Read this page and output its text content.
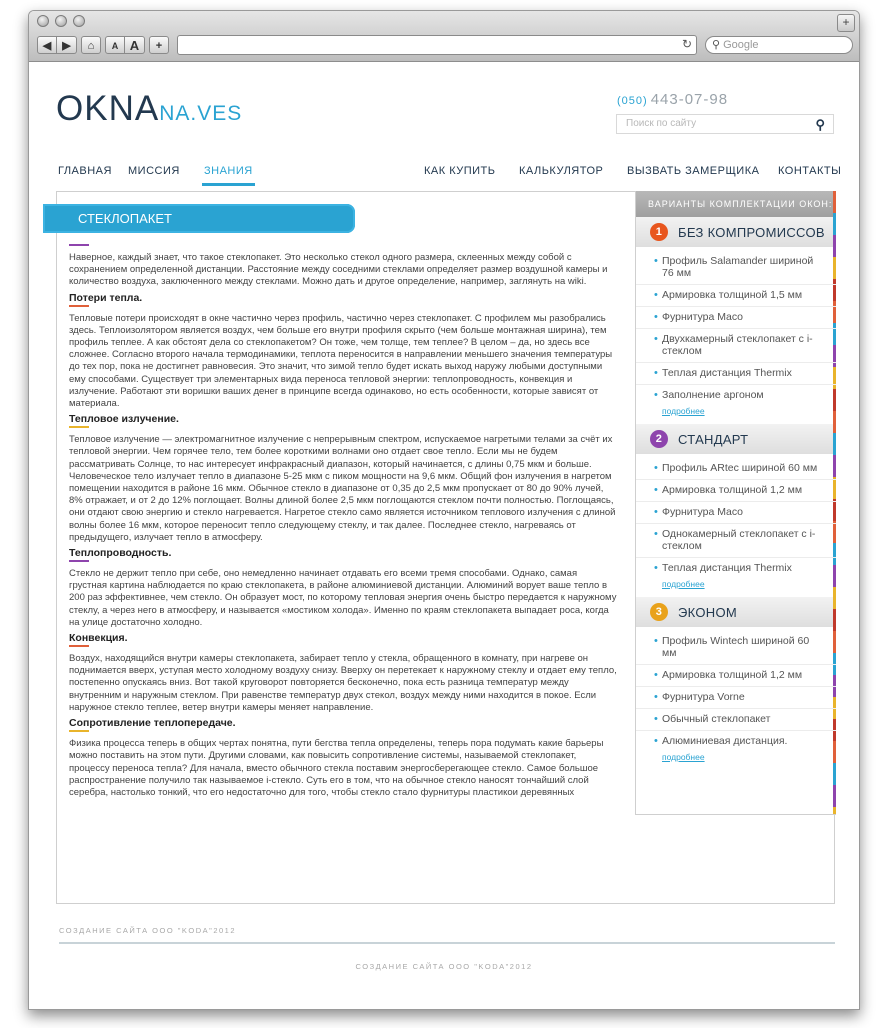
+
◀	▶	⌂	A A	+	↻	⚲ Google
OKNANA.VES
(050) 443-07-98
Поиск по сайту	⚲
ГЛАВНАЯ МИССИЯ ЗНАНИЯ	КАК КУПИТЬ КАЛЬКУЛЯТОР ВЫЗВАТЬ ЗАМЕРЩИКА КОНТАКТЫ
СТЕКЛОПАКЕТ

Наверное, каждый знает, что такое стеклопакет. Это несколько стекол одного размера, склеенных между собой с сохранением определенной дистанции. Расстояние между соседними стеклами определяет размер воздушной камеры и количество воздуха, заключенного между стеклами. Можно дать и другое определение, например, заглянуть на wiki.

Потери тепла.

Тепловые потери происходят в окне частично через профиль, частично через стеклопакет. С профилем мы разобрались здесь. Теплоизолятором является воздух, чем больше его внутри профиля скрыто (чем больше монтажная ширина), тем профиль теплее. А как обстоят дела со стеклопакетом? Он тоже, чем толще, тем теплее? В целом – да, но здесь все сложнее. Согласно второго начала термодинамики, теплота переносится в направлении меньшего значения температуры до тех пор, пока не достигнет равновесия. Это значит, что зимой тепло будет искать выход наружу любыми доступными ему способами. Существует три элементарных вида переноса тепловой энергии: теплопроводность, конвекция и излучение. Работают эти воришки ваших денег в принципе всегда одинаково, но есть особенности, которые зависят от материала.

Тепловое излучение.

Тепловое излучение — электромагнитное излучение с непрерывным спектром, испускаемое нагретыми телами за счёт их тепловой энергии. Чем горячее тело, тем более короткими волнами оно отдает свое тепло. Если мы не будем рассматривать Солнце, то нас интересует инфракрасный диапазон, который начинается, с длины 0,75 мкм и больше. Человеческое тело излучает тепло в диапазоне 5-25 мкм с пиком мощности на 9,6 мкм. Общий фон излучения в нагретом помещении находится в районе 16 мкм. Обычное стекло в диапазоне от 0,35 до 2,5 мкм пропускает от 80 до 90% лучей, 8% отражает, и от 2 до 12% поглощает. Волны длиной более 2,5 мкм поглощаются стеклом почти полностью. Поглощаясь, они отдают свою энергию и стекло нагревается. Нагретое стекло само является источником теплового излучения с длиной волны более 16 мкм, которое переносит тепло следующему стеклу, и так далее. Последнее стекло, нагреваясь от предыдущего, излучает тепло в атмосферу.

Теплопроводность.

Стекло не держит тепло при себе, оно немедленно начинает отдавать его всеми тремя способами. Однако, самая грустная картина наблюдается по краю стеклопакета, в районе алюминиевой дистанции. Алюминий ворует ваше тепло в 200 раз эффективнее, чем стекло. Он образует мост, по которому тепловая энергия очень быстро передается к наружному стеклу, а через него в атмосферу, и называется «мостиком холода». Именно по краям стеклопакета выпадает роса, когда на улице достаточно холодно.

Конвекция.

Воздух, находящийся внутри камеры стеклопакета, забирает тепло у стекла, обращенного в комнату, при нагреве он поднимается вверх, уступая место холодному воздуху снизу. Вверху он перетекает к наружному стеклу и отдает ему тепло, постепенно опускаясь вниз. Вот такой круговорот повторяется бесконечно, пока есть разница температур между внутренним и наружным стеклом. При равенстве температур двух стекол, воздух между ними находится в покое. Если наружное стекло теплее, ветер внутри камеры меняет направление.

Сопротивление теплопередаче.

Физика процесса теперь в общих чертах понятна, пути бегства тепла определены, теперь пора подумать какие барьеры можно поставить на этом пути. Другими словами, как повысить сопротивление системы, называемой стеклопакет, процессу переноса тепла? Для начала, вместо обычного стекла поставим энергосберегающее стекло. Самое большое распространение получило так называемое i-стекло. Суть его в том, что на обычное стекло наносят тончайший слой серебра, настолько тонкий, что его недостаточно для того, чтобы стекло стало фурнитуры пластикои деревянных

ВАРИАНТЫ КОМПЛЕКТАЦИИ ОКОН:
1	БЕЗ КОМПРОМИССОВ
• Профиль Salamander шириной 76 мм
• Армировка толщиной 1,5 мм
• Фурнитура Maco
• Двухкамерный стеклопакет с i-стеклом
• Теплая дистанция Thermix
• Заполнение аргоном
подробнее
2	СТАНДАРТ
• Профиль ARtec шириной 60 мм
• Армировка толщиной 1,2 мм
• Фурнитура Maco
• Однокамерный стеклопакет с i-стеклом
• Теплая дистанция Thermix
подробнее
3	ЭКОНОМ
• Профиль Wintech шириной 60 мм
• Армировка толщиной 1,2 мм
• Фурнитура Vorne
• Обычный стеклопакет
• Алюминиевая дистанция.
подробнее
СОЗДАНИЕ САЙТА ООО "KODA"2012
СОЗДАНИЕ САЙТА ООО "KODA"2012
